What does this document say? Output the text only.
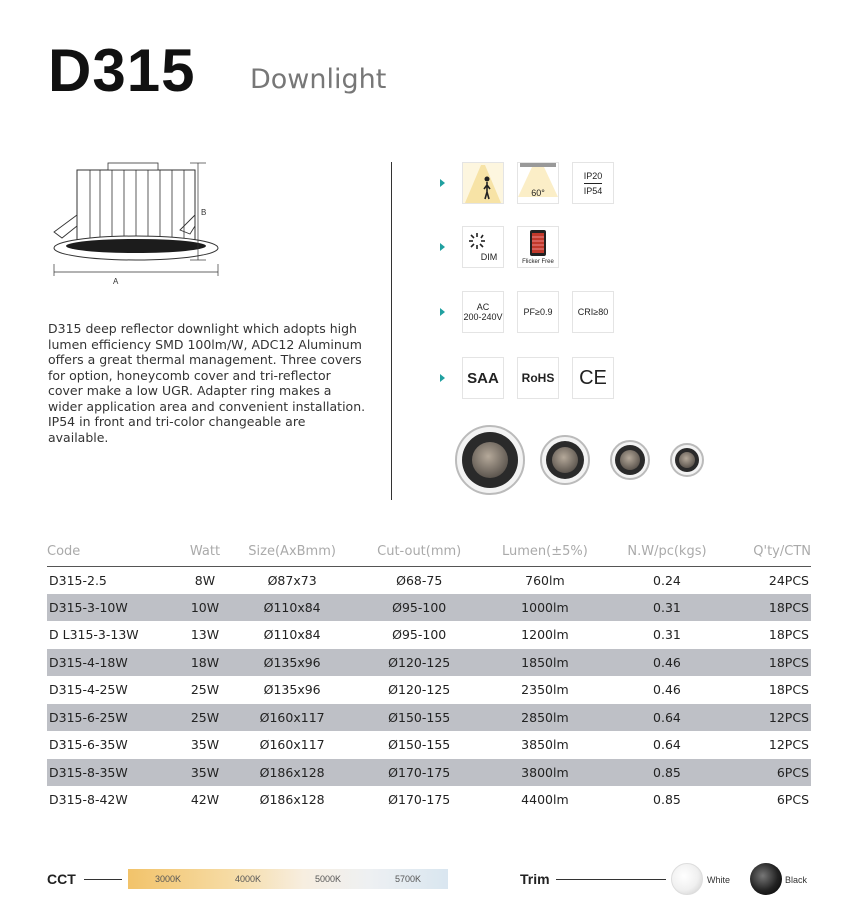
D315 Downlight
B
A

D315 deep reflector downlight which adopts high lumen efficiency SMD 100lm/W, ADC12 Aluminum offers a great thermal management. Three covers for option, honeycomb cover and tri-reflector cover make a low UGR. Adapter ring makes a wider application area and convenient installation. IP54 in front and tri-color changeable are available.

60°
IP20
IP54
DIM	Flicker Free
AC
200-240V PF≥0.9	CRI≥80
SAA RoHS CE
Code	Watt	Size(AxBmm)	Cut-out(mm)	Lumen(±5%)	N.W/pc(kgs)	Q'ty/CTN
D315-2.5	8W	Ø87x73	Ø68-75	760lm	0.24	24PCS
D315-3-10W	10W	Ø110x84	Ø95-100	1000lm	0.31	18PCS
D L315-3-13W	13W	Ø110x84	Ø95-100	1200lm	0.31	18PCS
D315-4-18W	18W	Ø135x96	Ø120-125	1850lm	0.46	18PCS
D315-4-25W	25W	Ø135x96	Ø120-125	2350lm	0.46	18PCS
D315-6-25W	25W	Ø160x117	Ø150-155	2850lm	0.64	12PCS
D315-6-35W	35W	Ø160x117	Ø150-155	3850lm	0.64	12PCS
D315-8-35W	35W	Ø186x128	Ø170-175	3800lm	0.85	6PCS
D315-8-42W	42W	Ø186x128	Ø170-175	4400lm	0.85	6PCS
CCT	3000K	4000K	5000K	5700K	Trim	White	Black
